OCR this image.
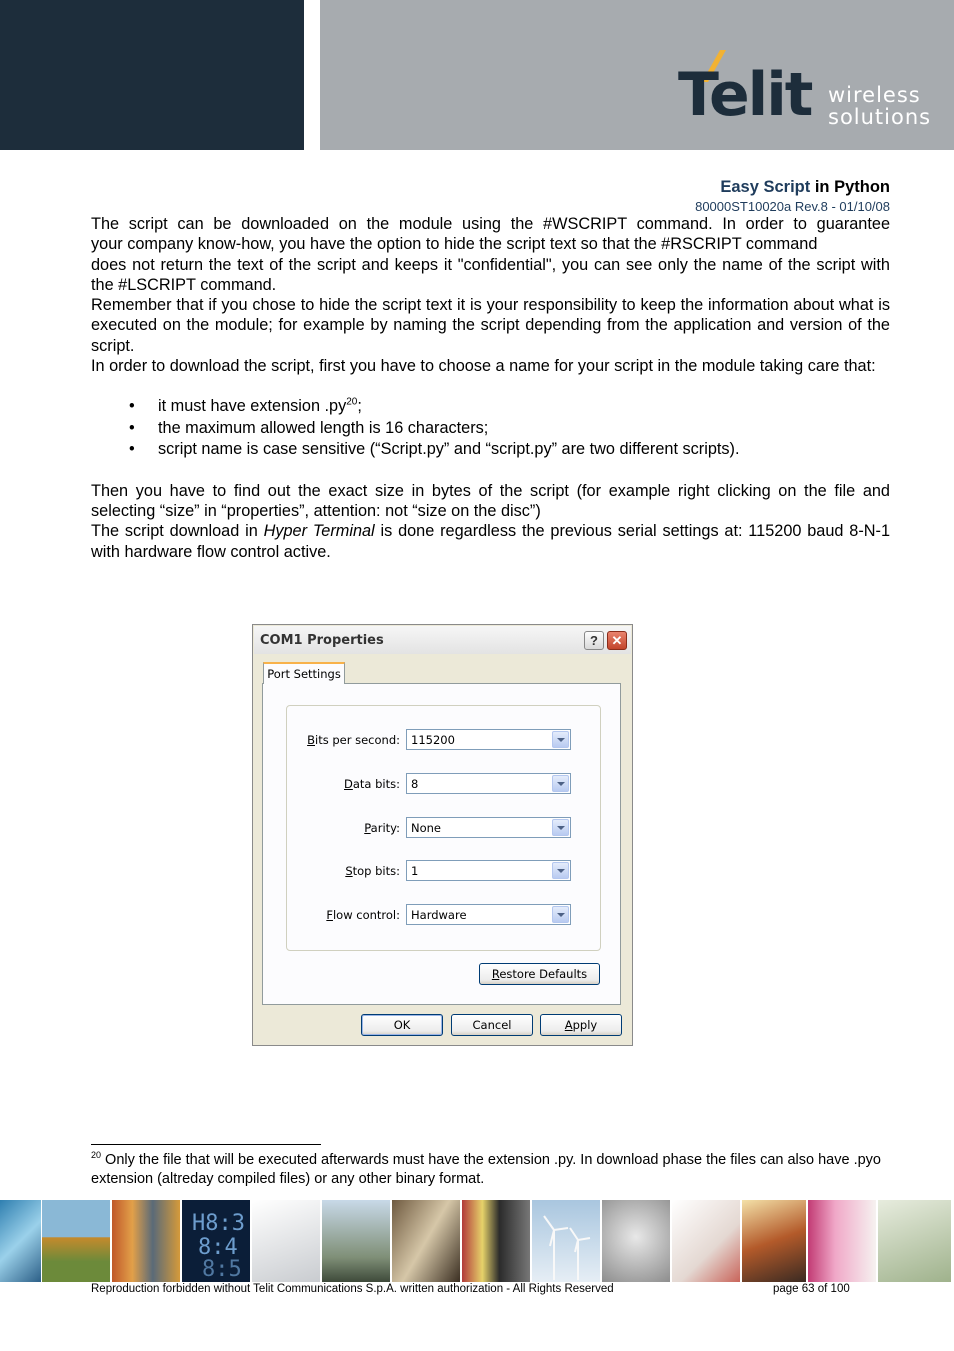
Telit wireless
solutions
Easy Script in Python
80000ST10020a Rev.8 - 01/10/08

The script can be downloaded on the module using the #WSCRIPT command. In order to guarantee

your company know-how, you have the option to hide the script text so that the #RSCRIPT command

does not return the text of the script and keeps it "confidential", you can see only the name of the script with the #LSCRIPT command.

Remember that if you chose to hide the script text it is your responsibility to keep the information about what is executed on the module; for example by naming the script depending from the application and version of the script.

In order to download the script, first you have to choose a name for your script in the module taking care that:

• it must have extension $.py^{20}$;
• the maximum allowed length is 16 characters;
• script name is case sensitive (“Script.py” and “script.py” are two different scripts).

Then you have to find out the exact size in bytes of the script (for example right clicking on the file and selecting “size” in “properties”, attention: not “size on the disc”)

The script download in Hyper Terminal is done regardless the previous serial settings at: 115200 baud 8-N-1 with hardware flow control active.

COM1 Properties	?	✕
Port Settings
Bits per second: 115200
Data bits: 8
Parity: None
Stop bits: 1
Flow control: Hardware
Restore Defaults
OK	Cancel	Apply
$^{20}$ Only the file that will be executed afterwards must have the extension .py. In download phase the files can also have .pyo extension (altreday compiled files) or any other binary format.
H8:3
8:4
8:5
Reproduction forbidden without Telit Communications S.p.A. written authorization - All Rights Reserved	page 63 of 100
